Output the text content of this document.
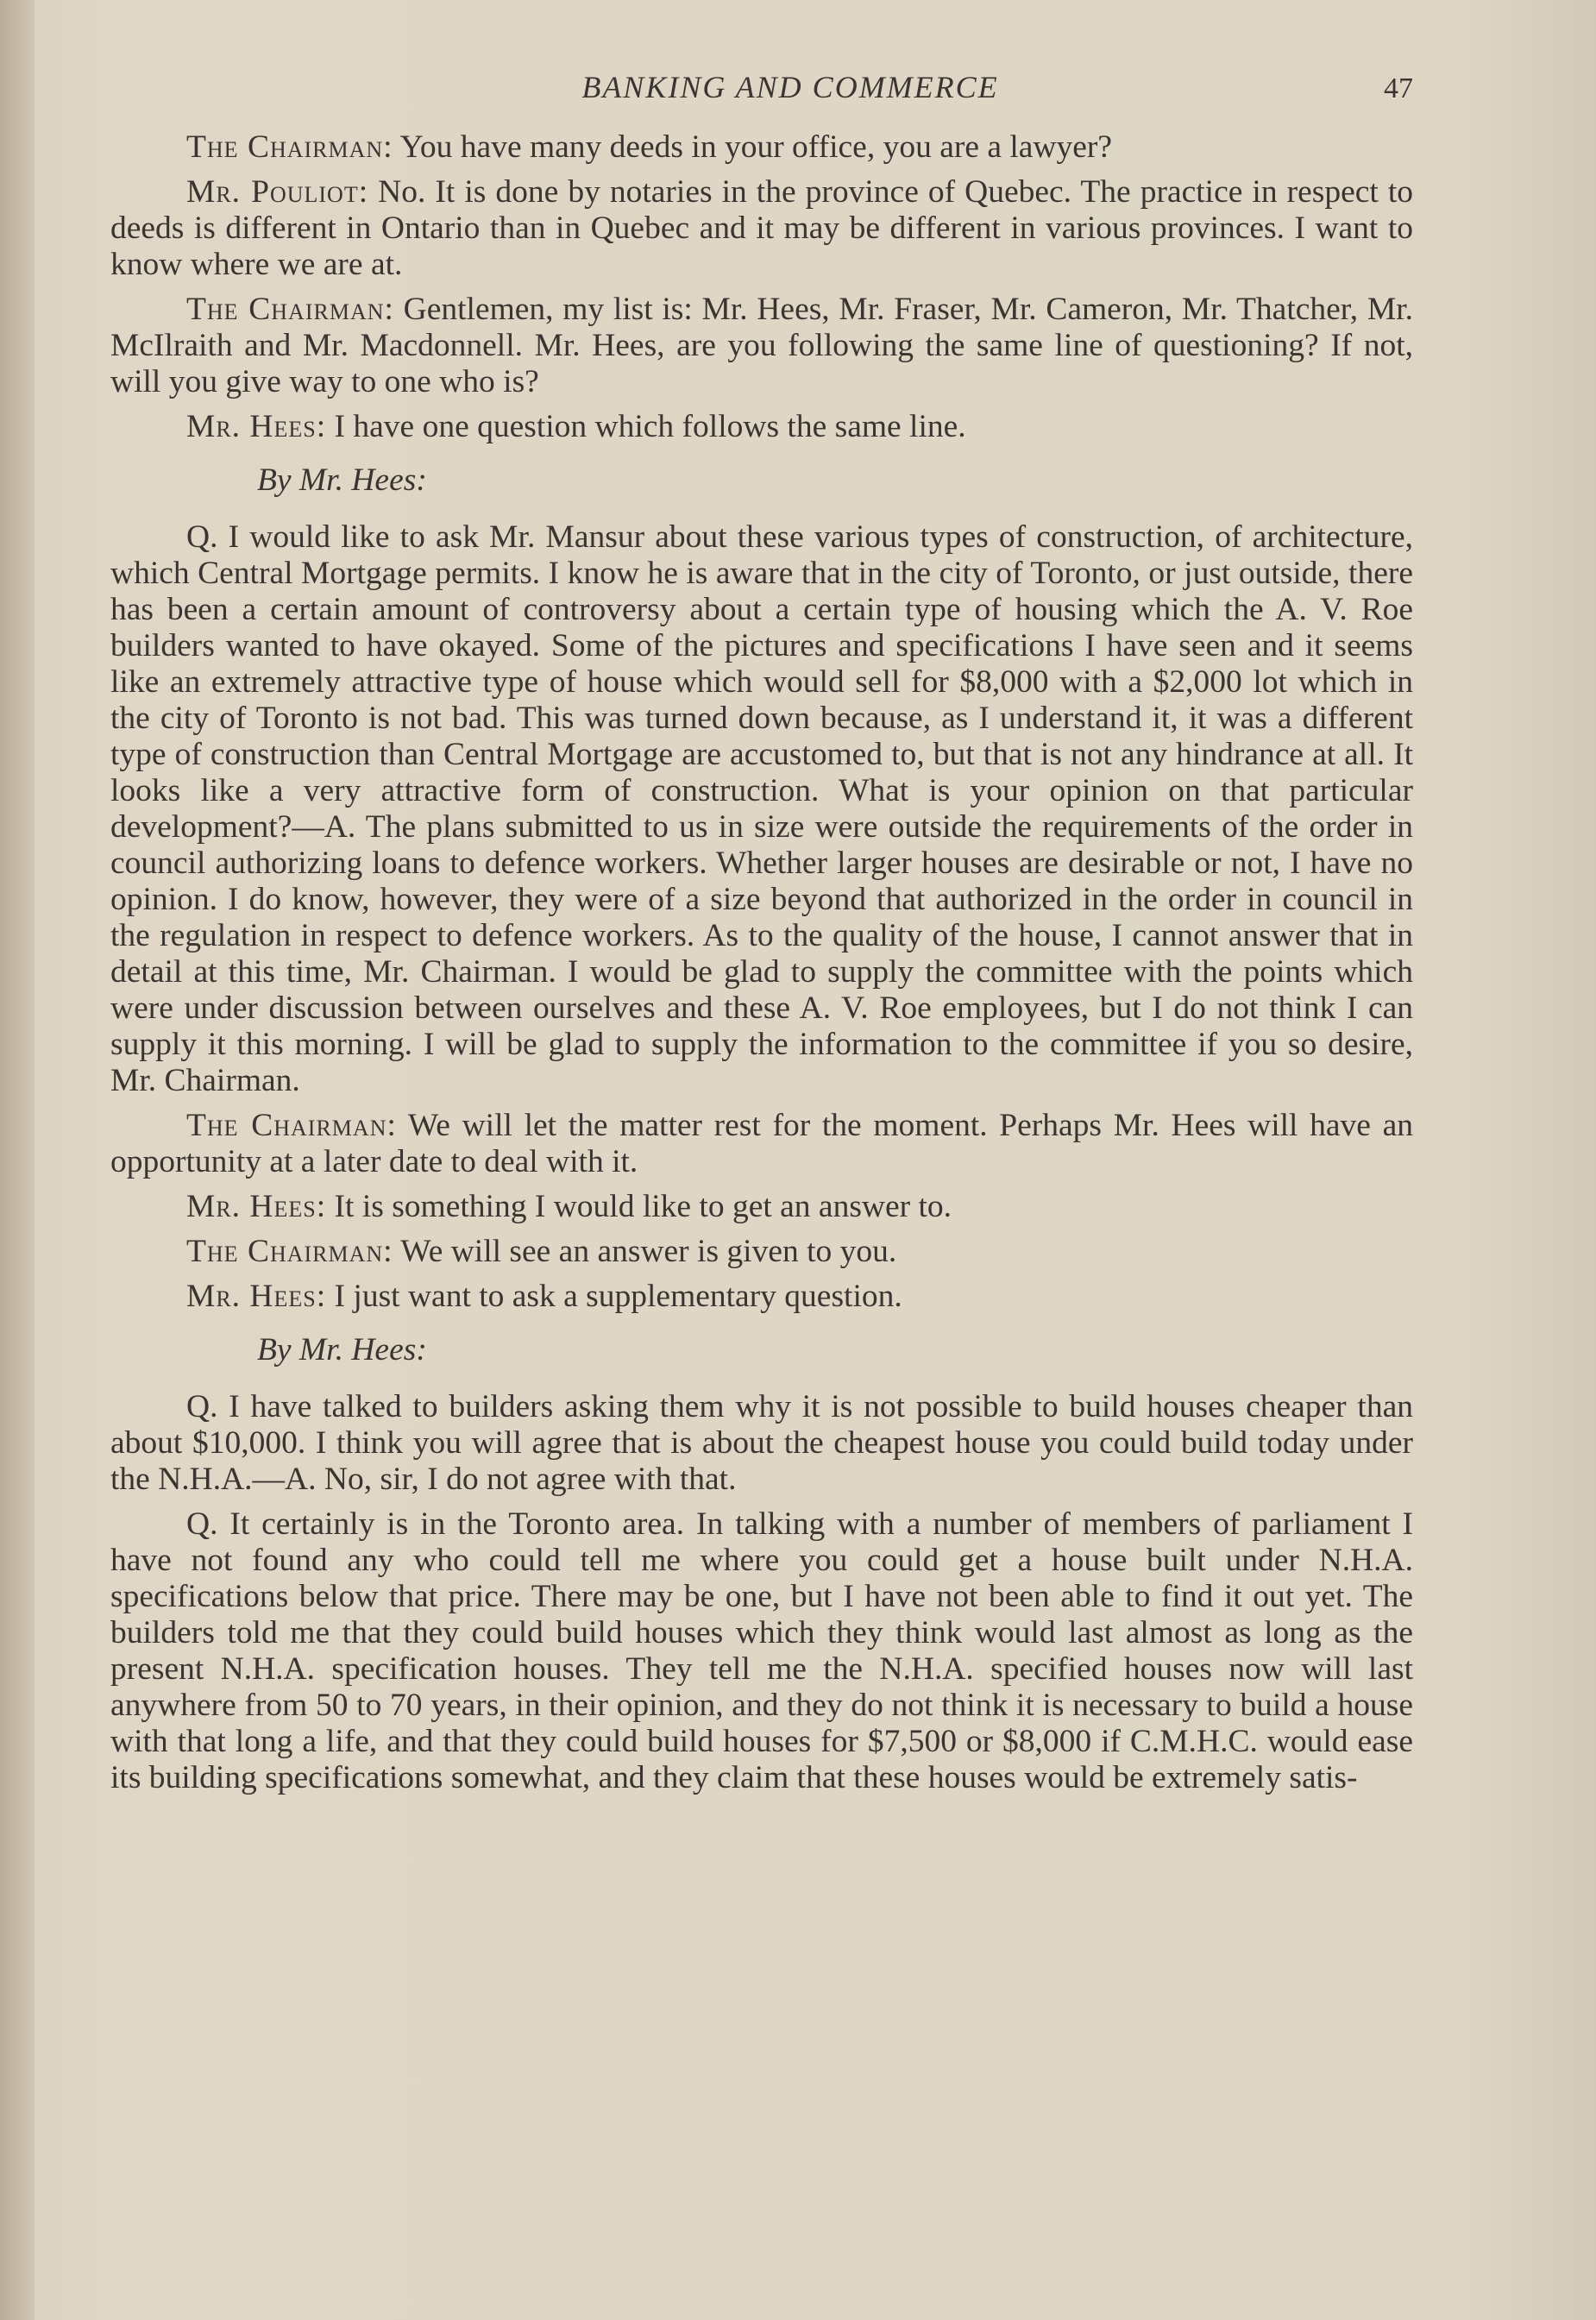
BANKING AND COMMERCE	47

The Chairman: You have many deeds in your office, you are a lawyer?

Mr. Pouliot: No. It is done by notaries in the province of Quebec. The practice in respect to deeds is different in Ontario than in Quebec and it may be different in various provinces. I want to know where we are at.

The Chairman: Gentlemen, my list is: Mr. Hees, Mr. Fraser, Mr. Cameron, Mr. Thatcher, Mr. McIlraith and Mr. Macdonnell. Mr. Hees, are you following the same line of questioning? If not, will you give way to one who is?

Mr. Hees: I have one question which follows the same line.

By Mr. Hees:

Q. I would like to ask Mr. Mansur about these various types of construction, of architecture, which Central Mortgage permits. I know he is aware that in the city of Toronto, or just outside, there has been a certain amount of controversy about a certain type of housing which the A. V. Roe builders wanted to have okayed. Some of the pictures and specifications I have seen and it seems like an extremely attractive type of house which would sell for $8,000 with a $2,000 lot which in the city of Toronto is not bad. This was turned down because, as I understand it, it was a different type of construction than Central Mortgage are accustomed to, but that is not any hindrance at all. It looks like a very attractive form of construction. What is your opinion on that particular development?—A. The plans submitted to us in size were outside the requirements of the order in council authorizing loans to defence workers. Whether larger houses are desirable or not, I have no opinion. I do know, however, they were of a size beyond that authorized in the order in council in the regulation in respect to defence workers. As to the quality of the house, I cannot answer that in detail at this time, Mr. Chairman. I would be glad to supply the committee with the points which were under discussion between ourselves and these A. V. Roe employees, but I do not think I can supply it this morning. I will be glad to supply the information to the committee if you so desire, Mr. Chairman.

The Chairman: We will let the matter rest for the moment. Perhaps Mr. Hees will have an opportunity at a later date to deal with it.

Mr. Hees: It is something I would like to get an answer to.

The Chairman: We will see an answer is given to you.

Mr. Hees: I just want to ask a supplementary question.

By Mr. Hees:

Q. I have talked to builders asking them why it is not possible to build houses cheaper than about $10,000. I think you will agree that is about the cheapest house you could build today under the N.H.A.—A. No, sir, I do not agree with that.

Q. It certainly is in the Toronto area. In talking with a number of members of parliament I have not found any who could tell me where you could get a house built under N.H.A. specifications below that price. There may be one, but I have not been able to find it out yet. The builders told me that they could build houses which they think would last almost as long as the present N.H.A. specification houses. They tell me the N.H.A. specified houses now will last anywhere from 50 to 70 years, in their opinion, and they do not think it is necessary to build a house with that long a life, and that they could build houses for $7,500 or $8,000 if C.M.H.C. would ease its building specifications somewhat, and they claim that these houses would be extremely satis-
